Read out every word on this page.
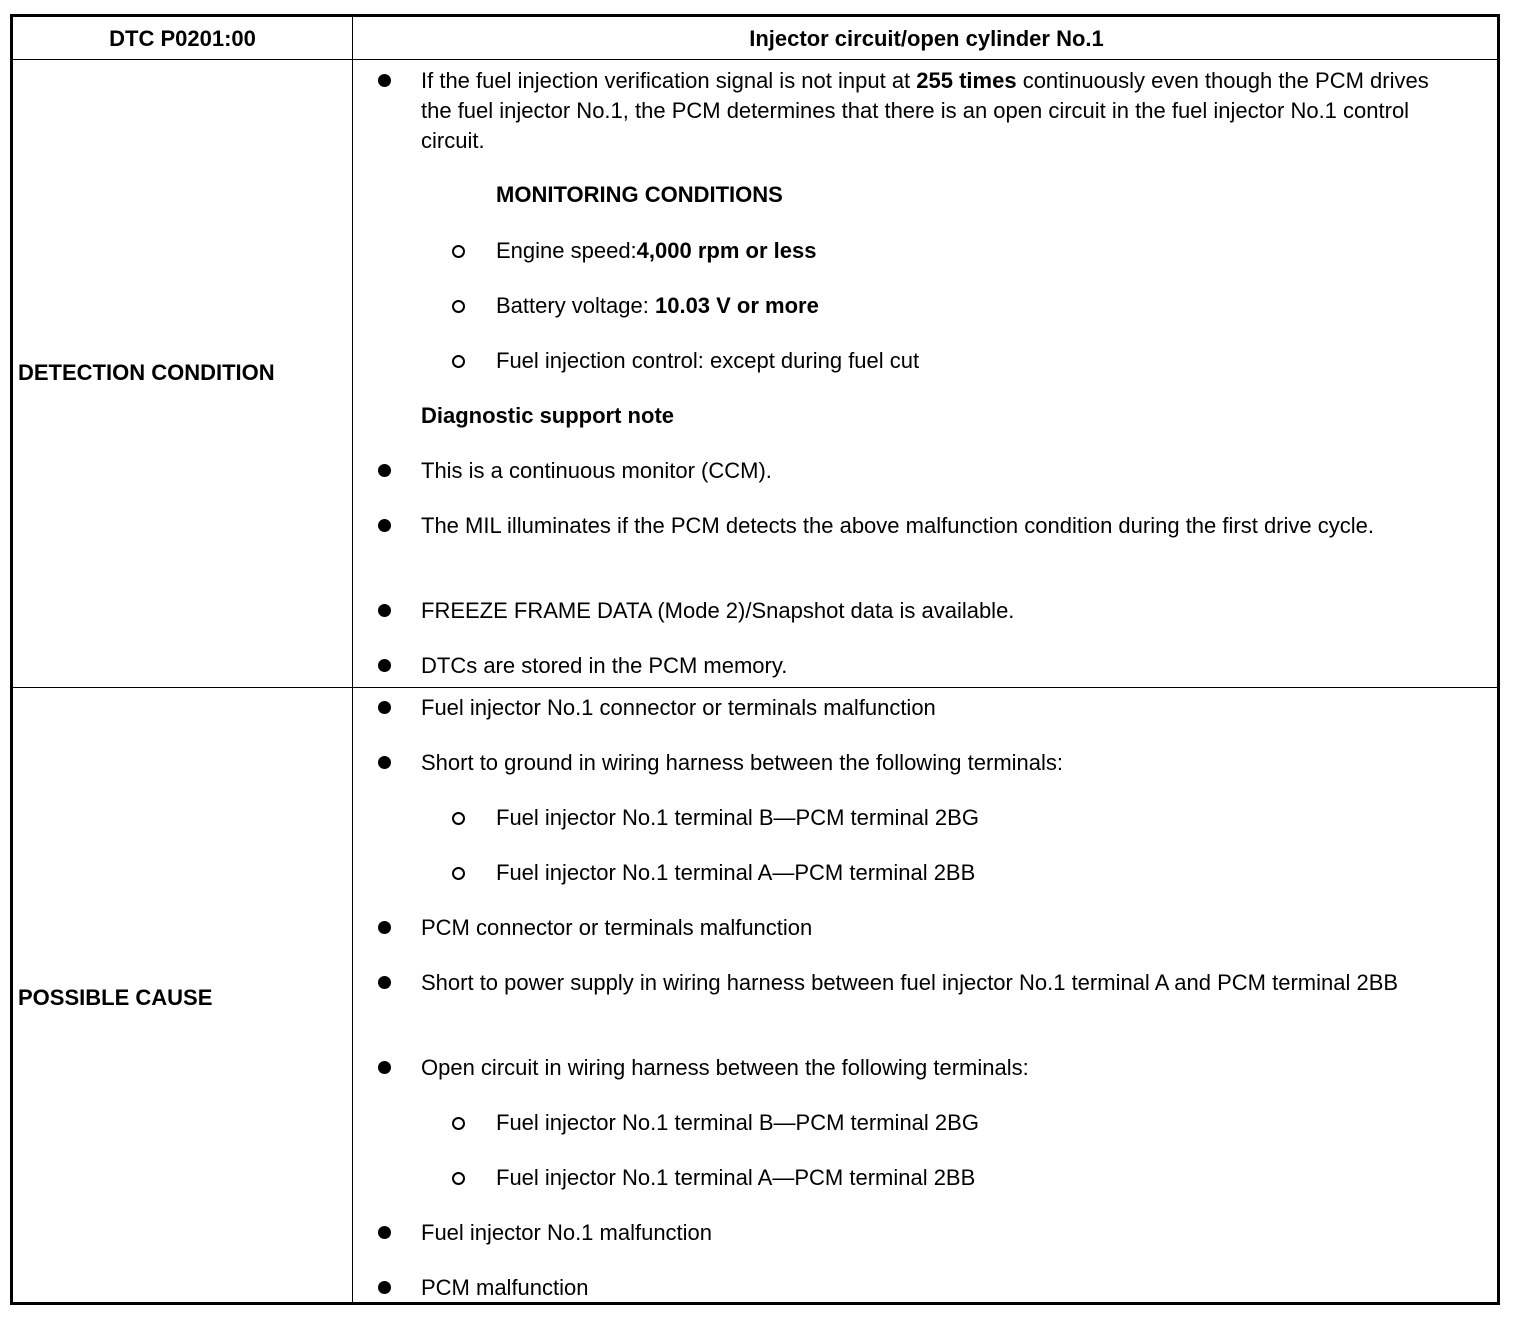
DTC P0201:00	Injector circuit/open cylinder No.1
DETECTION CONDITION
POSSIBLE CAUSE
If the fuel injection verification signal is not input at 255 times continuously even though the PCM drives the fuel injector No.1, the PCM determines that there is an open circuit in the fuel injector No.1 control circuit.
MONITORING CONDITIONS
Engine speed:4,000 rpm or less
Battery voltage: 10.03 V or more
Fuel injection control: except during fuel cut
Diagnostic support note
This is a continuous monitor (CCM).
The MIL illuminates if the PCM detects the above malfunction condition during the first drive cycle.
FREEZE FRAME DATA (Mode 2)/Snapshot data is available.
DTCs are stored in the PCM memory.
Fuel injector No.1 connector or terminals malfunction
Short to ground in wiring harness between the following terminals:
Fuel injector No.1 terminal B—PCM terminal 2BG
Fuel injector No.1 terminal A—PCM terminal 2BB
PCM connector or terminals malfunction
Short to power supply in wiring harness between fuel injector No.1 terminal A and PCM terminal 2BB
Open circuit in wiring harness between the following terminals:
Fuel injector No.1 terminal B—PCM terminal 2BG
Fuel injector No.1 terminal A—PCM terminal 2BB
Fuel injector No.1 malfunction
PCM malfunction
